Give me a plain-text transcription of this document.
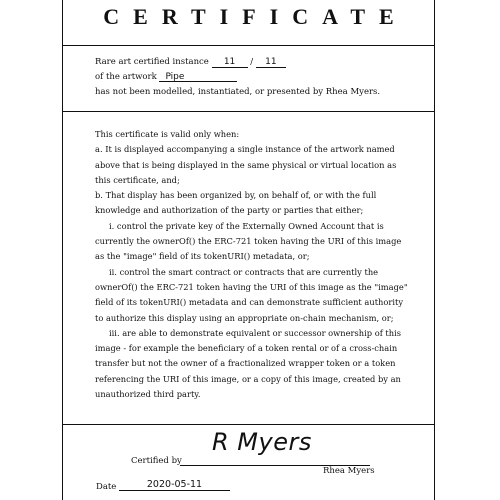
CERTIFICATE
Rare art certified instance 11 / 11
of the artwork Pipe
has not been modelled, instantiated, or presented by Rhea Myers.

This certificate is valid only when:

a. It is displayed accompanying a single instance of the artwork named above that is being displayed in the same physical or virtual location as this certificate, and;

b. That display has been organized by, on behalf of, or with the full knowledge and authorization of the party or parties that either;

i. control the private key of the Externally Owned Account that is currently the ownerOf() the ERC-721 token having the URI of this image as the "image" field of its tokenURI() metadata, or;

ii. control the smart contract or contracts that are currently the ownerOf() the ERC-721 token having the URI of this image as the "image" field of its tokenURI() metadata and can demonstrate sufficient authority to authorize this display using an appropriate on-chain mechanism, or;

iii. are able to demonstrate equivalent or successor ownership of this image - for example the beneficiary of a token rental or of a cross-chain transfer but not the owner of a fractionalized wrapper token or a token referencing the URI of this image, or a copy of this image, created by an unauthorized third party.

R Myers
Certified by
Rhea Myers
Date	2020-05-11
